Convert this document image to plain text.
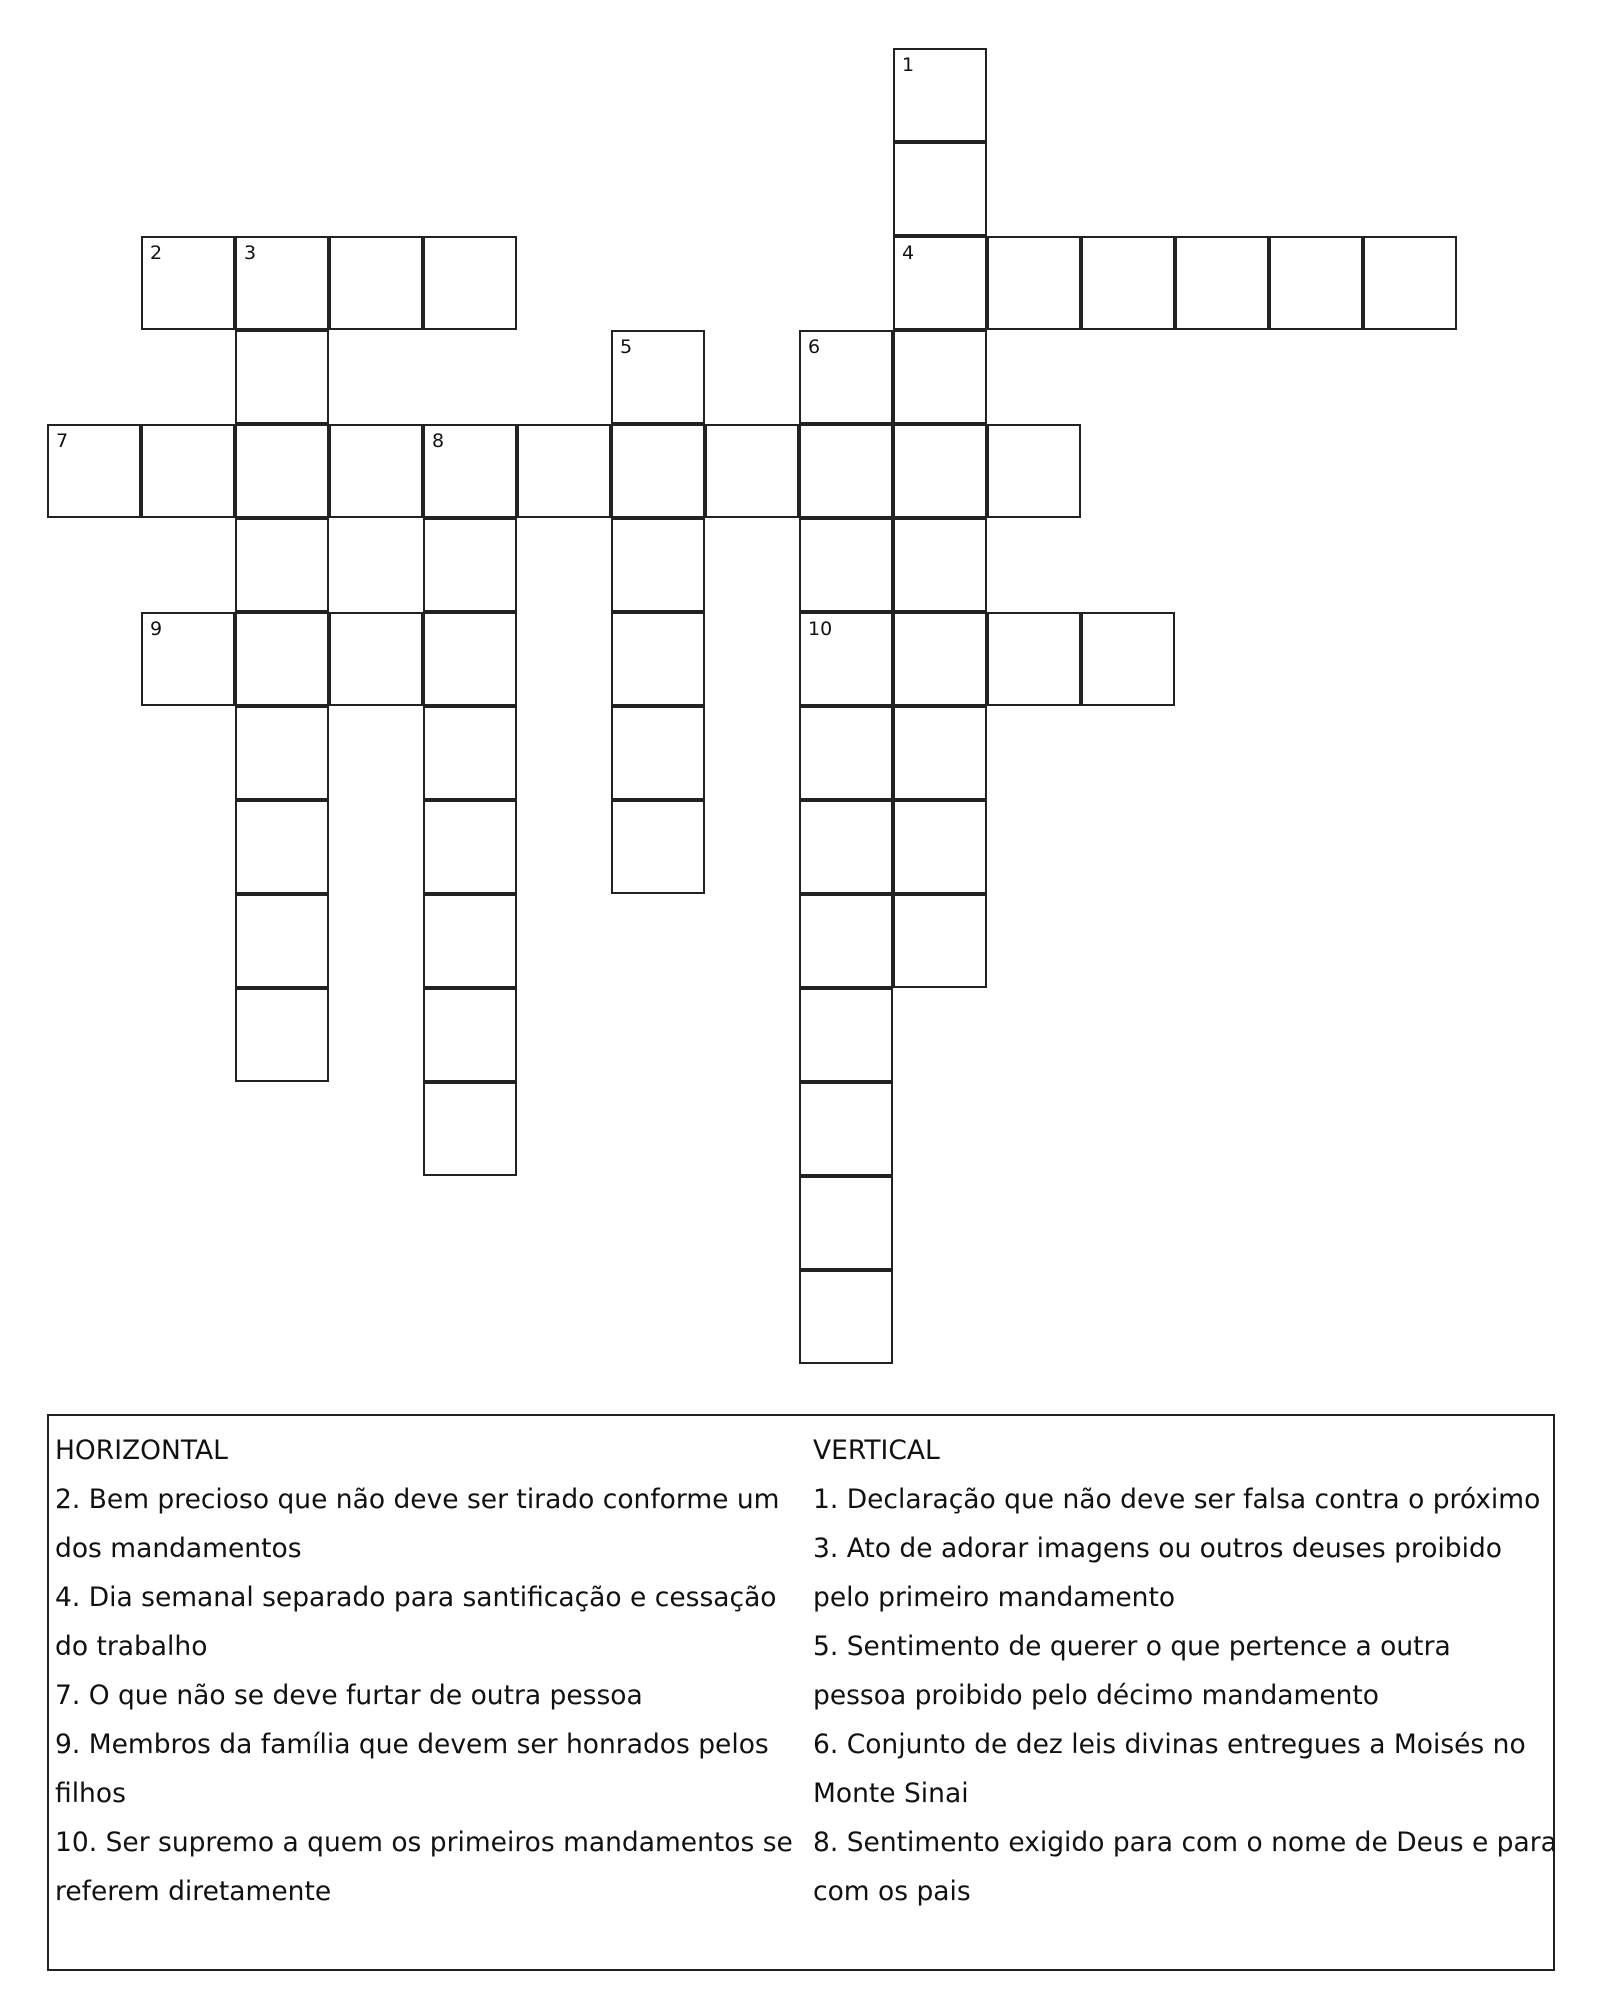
1
2	3	4
5	6
7	8
9	10
HORIZONTAL
2. Bem precioso que não deve ser tirado conforme um
dos mandamentos
4. Dia semanal separado para santificação e cessação
do trabalho
7. O que não se deve furtar de outra pessoa
9. Membros da família que devem ser honrados pelos
filhos
10. Ser supremo a quem os primeiros mandamentos se
referem diretamente
VERTICAL
1. Declaração que não deve ser falsa contra o próximo
3. Ato de adorar imagens ou outros deuses proibido
pelo primeiro mandamento
5. Sentimento de querer o que pertence a outra
pessoa proibido pelo décimo mandamento
6. Conjunto de dez leis divinas entregues a Moisés no
Monte Sinai
8. Sentimento exigido para com o nome de Deus e para
com os pais
